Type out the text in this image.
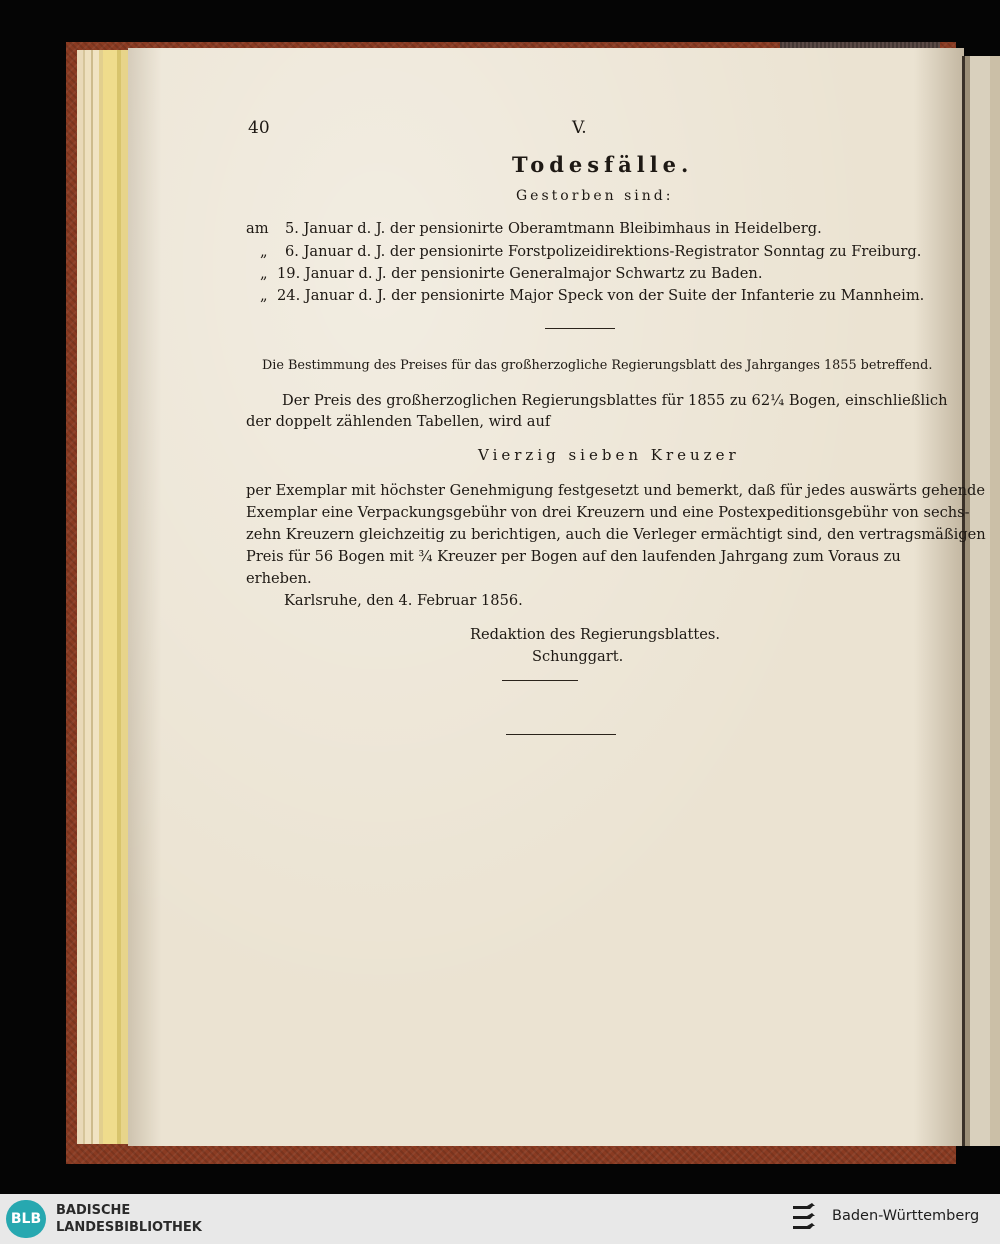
40	V.
Todesfälle.
Gestorben sind:
am 5. Januar d. J. der pensionirte Oberamtmann Bleibimhaus in Heidelberg.
„ 6. Januar d. J. der pensionirte Forstpolizeidirektions-Registrator Sonntag zu Freiburg.
„ 19. Januar d. J. der pensionirte Generalmajor Schwartz zu Baden.
„ 24. Januar d. J. der pensionirte Major Speck von der Suite der Infanterie zu Mannheim.
Die Bestimmung des Preises für das großherzogliche Regierungsblatt des Jahrganges 1855 betreffend.
Der Preis des großherzoglichen Regierungsblattes für 1855 zu 62¼ Bogen, einschließlich
der doppelt zählenden Tabellen, wird auf
Vierzig sieben Kreuzer
per Exemplar mit höchster Genehmigung festgesetzt und bemerkt, daß für jedes auswärts gehende
Exemplar eine Verpackungsgebühr von drei Kreuzern und eine Postexpeditionsgebühr von sechs-
zehn Kreuzern gleichzeitig zu berichtigen, auch die Verleger ermächtigt sind, den vertragsmäßigen
Preis für 56 Bogen mit ¾ Kreuzer per Bogen auf den laufenden Jahrgang zum Voraus zu
erheben.
Karlsruhe, den 4. Februar 1856.
Redaktion des Regierungsblattes.
Schunggart.
BLB
BADISCHE
LANDESBIBLIOTHEK
Baden-Württemberg
